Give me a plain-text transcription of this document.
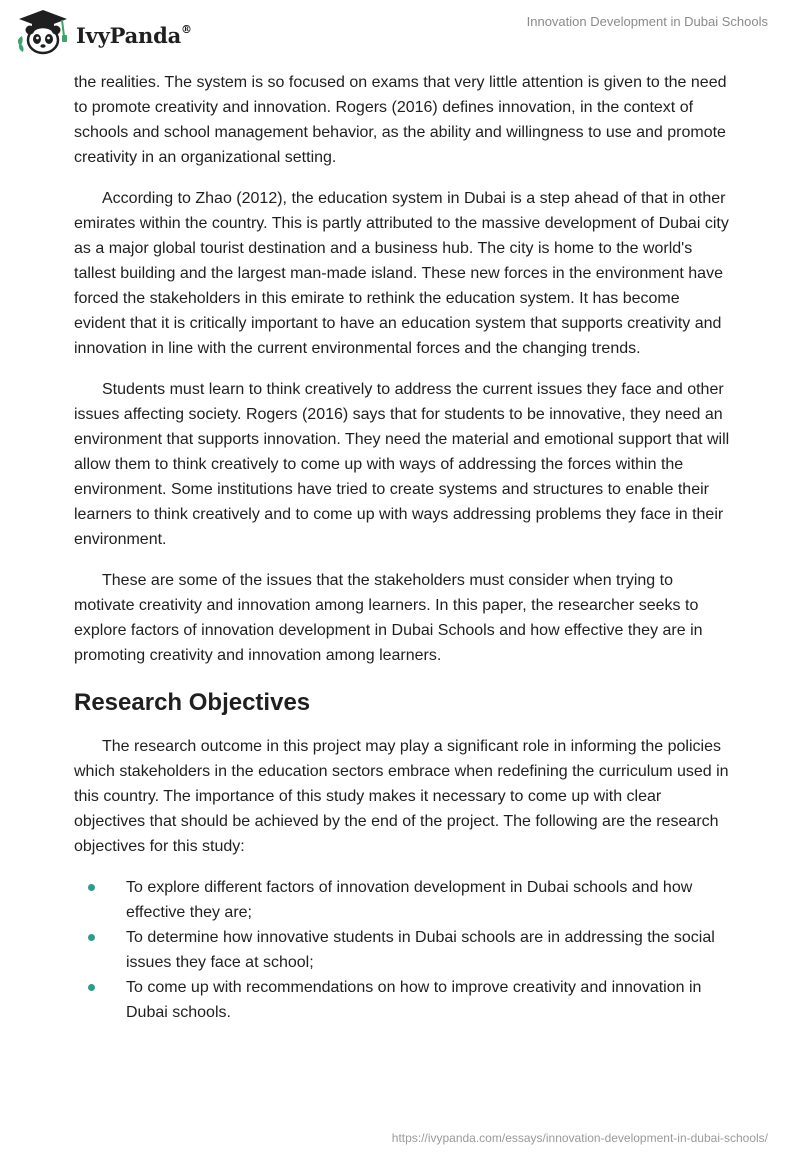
IvyPanda®	Innovation Development in Dubai Schools

the realities. The system is so focused on exams that very little attention is given to the need to promote creativity and innovation. Rogers (2016) defines innovation, in the context of schools and school management behavior, as the ability and willingness to use and promote creativity in an organizational setting.

According to Zhao (2012), the education system in Dubai is a step ahead of that in other emirates within the country. This is partly attributed to the massive development of Dubai city as a major global tourist destination and a business hub. The city is home to the world's tallest building and the largest man-made island. These new forces in the environment have forced the stakeholders in this emirate to rethink the education system. It has become evident that it is critically important to have an education system that supports creativity and innovation in line with the current environmental forces and the changing trends.

Students must learn to think creatively to address the current issues they face and other issues affecting society. Rogers (2016) says that for students to be innovative, they need an environment that supports innovation. They need the material and emotional support that will allow them to think creatively to come up with ways of addressing the forces within the environment. Some institutions have tried to create systems and structures to enable their learners to think creatively and to come up with ways addressing problems they face in their environment.

These are some of the issues that the stakeholders must consider when trying to motivate creativity and innovation among learners. In this paper, the researcher seeks to explore factors of innovation development in Dubai Schools and how effective they are in promoting creativity and innovation among learners.

Research Objectives

The research outcome in this project may play a significant role in informing the policies which stakeholders in the education sectors embrace when redefining the curriculum used in this country. The importance of this study makes it necessary to come up with clear objectives that should be achieved by the end of the project. The following are the research objectives for this study:

To explore different factors of innovation development in Dubai schools and how effective they are;
To determine how innovative students in Dubai schools are in addressing the social issues they face at school;
To come up with recommendations on how to improve creativity and innovation in Dubai schools.
https://ivypanda.com/essays/innovation-development-in-dubai-schools/
